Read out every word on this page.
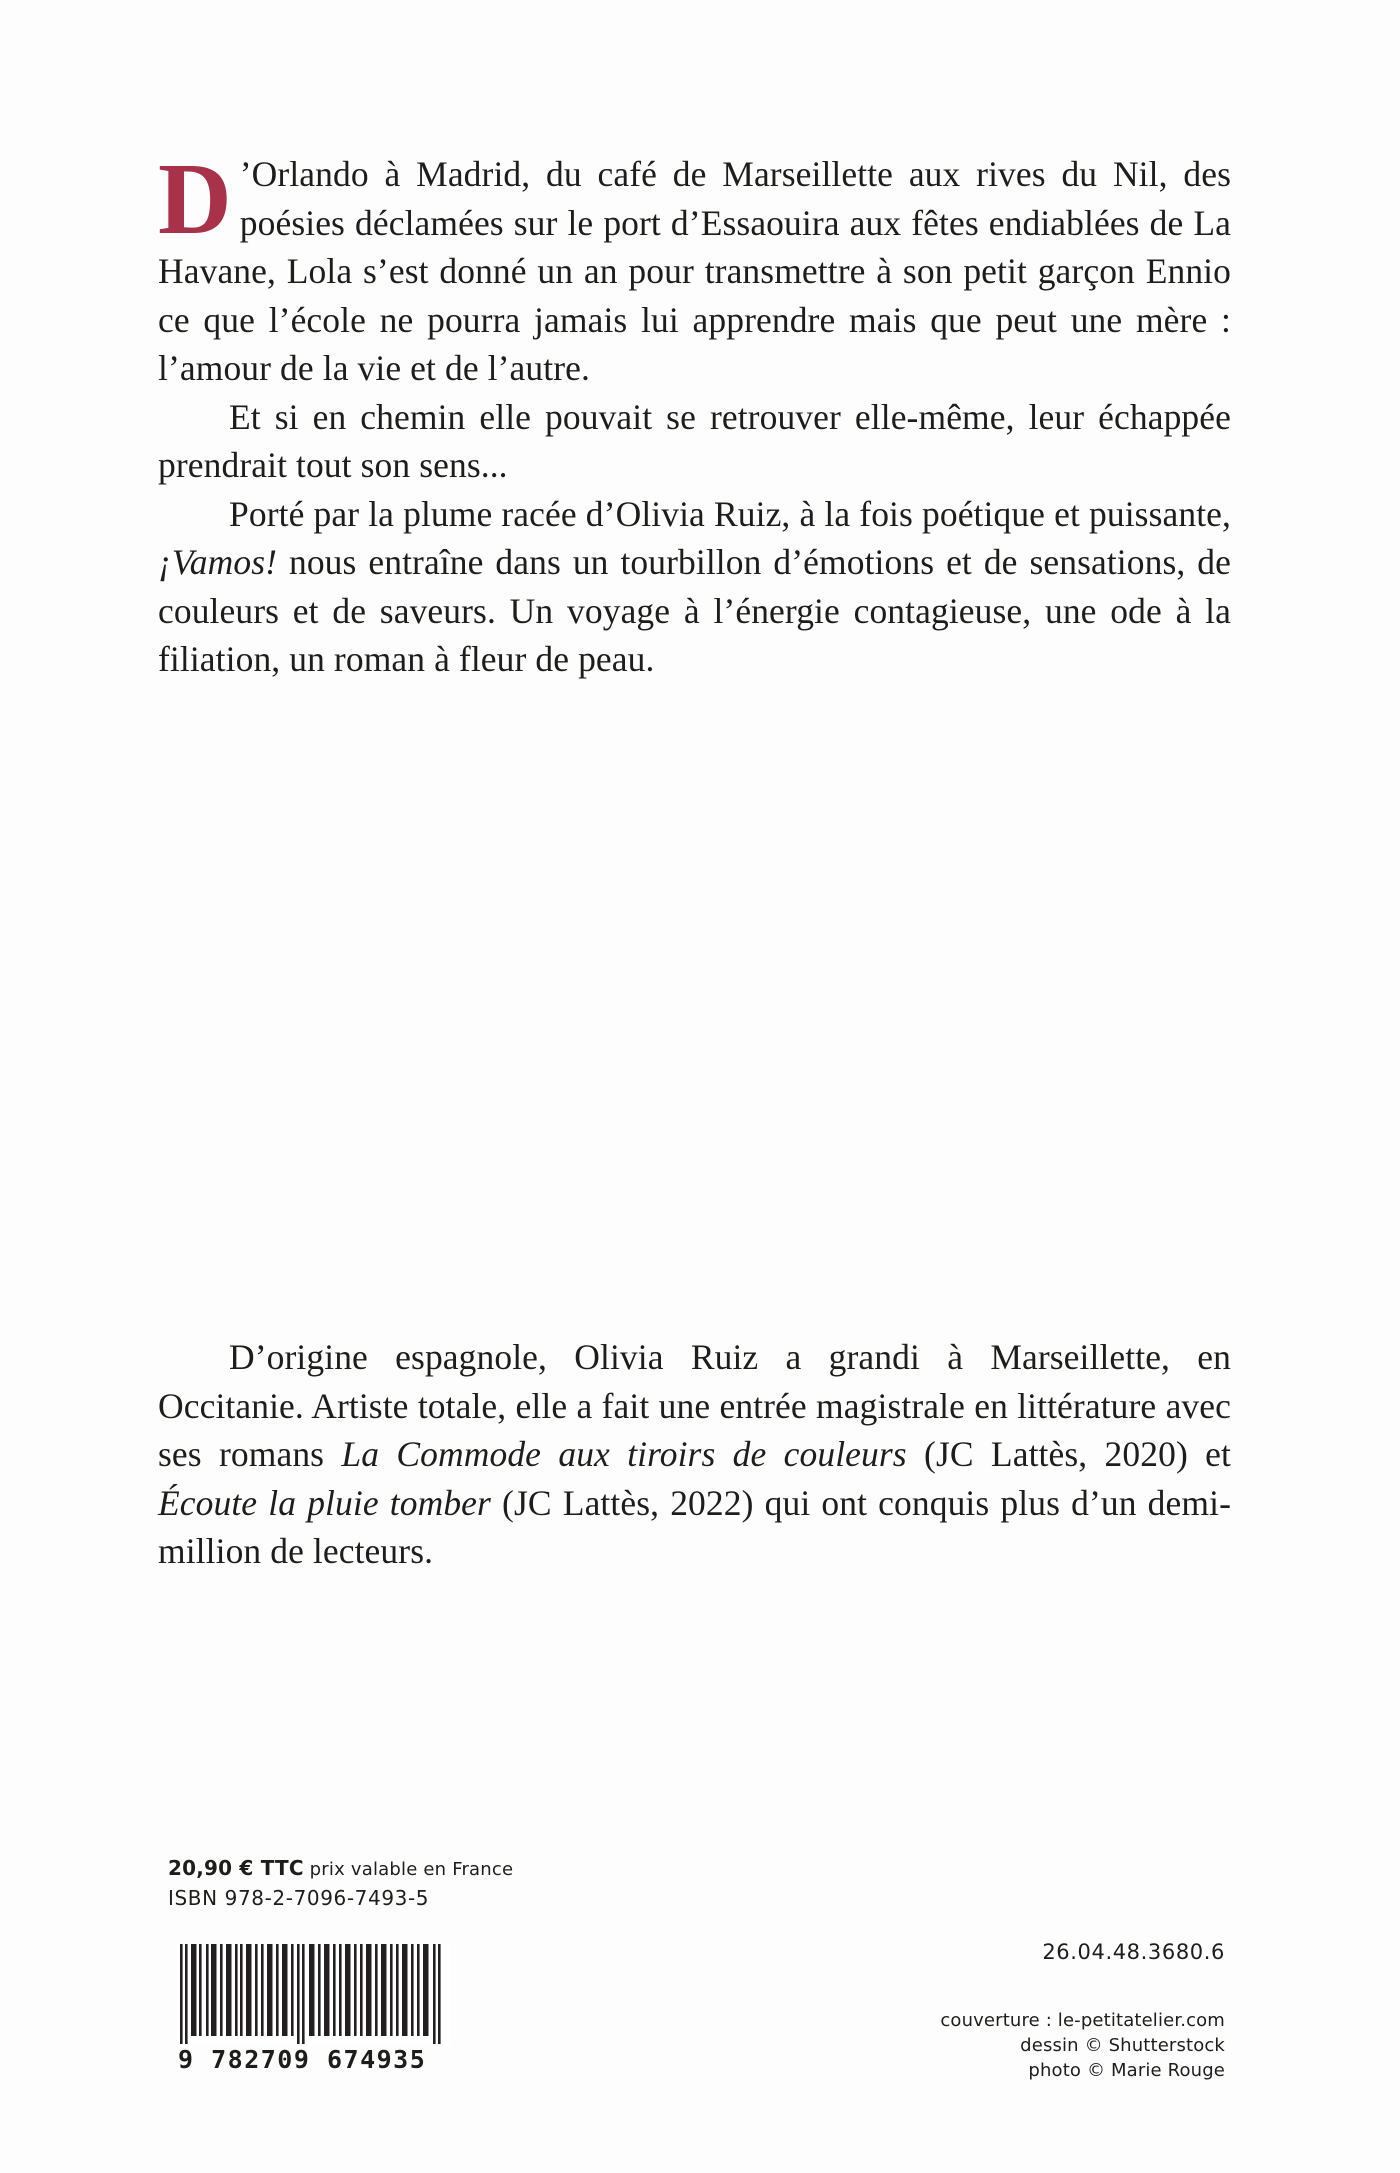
D ’Orlando à Madrid, du café de Marseillette aux rives du Nil, des poésies déclamées sur le port d’Essaouira aux fêtes endiablées de La Havane, Lola s’est donné un an pour transmettre à son petit garçon Ennio ce que l’école ne pourra jamais lui apprendre mais que peut une mère : l’amour de la vie et de l’autre.

Et si en chemin elle pouvait se retrouver elle-même, leur échappée prendrait tout son sens...

Porté par la plume racée d’Olivia Ruiz, à la fois poétique et puissante, ¡Vamos! nous entraîne dans un tourbillon d’émotions et de sensations, de couleurs et de saveurs. Un voyage à l’énergie contagieuse, une ode à la filiation, un roman à fleur de peau.

D’origine espagnole, Olivia Ruiz a grandi à Marseillette, en Occitanie. Artiste totale, elle a fait une entrée magistrale en littérature avec ses romans La Commode aux tiroirs de couleurs (JC Lattès, 2020) et Écoute la pluie tomber (JC Lattès, 2022) qui ont conquis plus d’un demi-million de lecteurs.

20,90 € TTC prix valable en France
ISBN 978-2-7096-7493-5
9 782709 674935
26.04.48.3680.6
couverture : le-petitatelier.com
dessin © Shutterstock
photo © Marie Rouge
